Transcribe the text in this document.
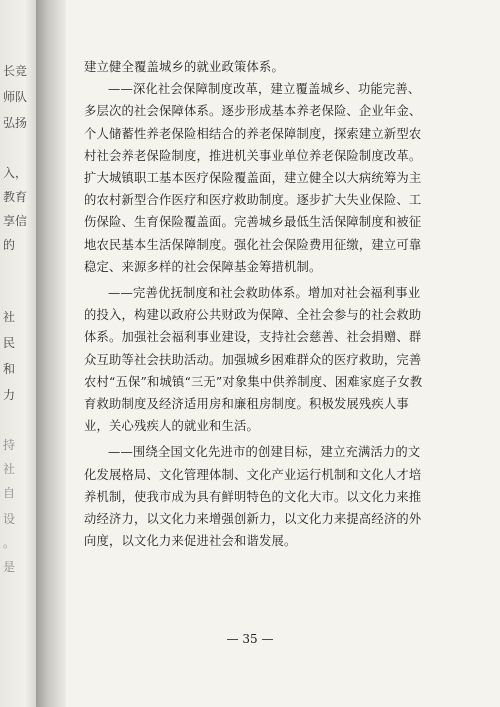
长竞
师队
弘扬
入，
教育
享信
的
社
民
和
力
持
社
自
设
。
是
建立健全覆盖城乡的就业政策体系。
——深化社会保障制度改革，建立覆盖城乡、功能完善、
多层次的社会保障体系。逐步形成基本养老保险、企业年金、
个人储蓄性养老保险相结合的养老保障制度，探索建立新型农
村社会养老保险制度，推进机关事业单位养老保险制度改革。
扩大城镇职工基本医疗保险覆盖面，建立健全以大病统筹为主
的农村新型合作医疗和医疗救助制度。逐步扩大失业保险、工
伤保险、生育保险覆盖面。完善城乡最低生活保障制度和被征
地农民基本生活保障制度。强化社会保险费用征缴，建立可靠
稳定、来源多样的社会保障基金筹措机制。
——完善优抚制度和社会救助体系。增加对社会福利事业
的投入，构建以政府公共财政为保障、全社会参与的社会救助
体系。加强社会福利事业建设，支持社会慈善、社会捐赠、群
众互助等社会扶助活动。加强城乡困难群众的医疗救助，完善
农村“五保”和城镇“三无”对象集中供养制度、困难家庭子女教
育救助制度及经济适用房和廉租房制度。积极发展残疾人事
业，关心残疾人的就业和生活。
——围绕全国文化先进市的创建目标，建立充满活力的文
化发展格局、文化管理体制、文化产业运行机制和文化人才培
养机制，使我市成为具有鲜明特色的文化大市。以文化力来推
动经济力，以文化力来增强创新力，以文化力来提高经济的外
向度，以文化力来促进社会和谐发展。
— 35 —
